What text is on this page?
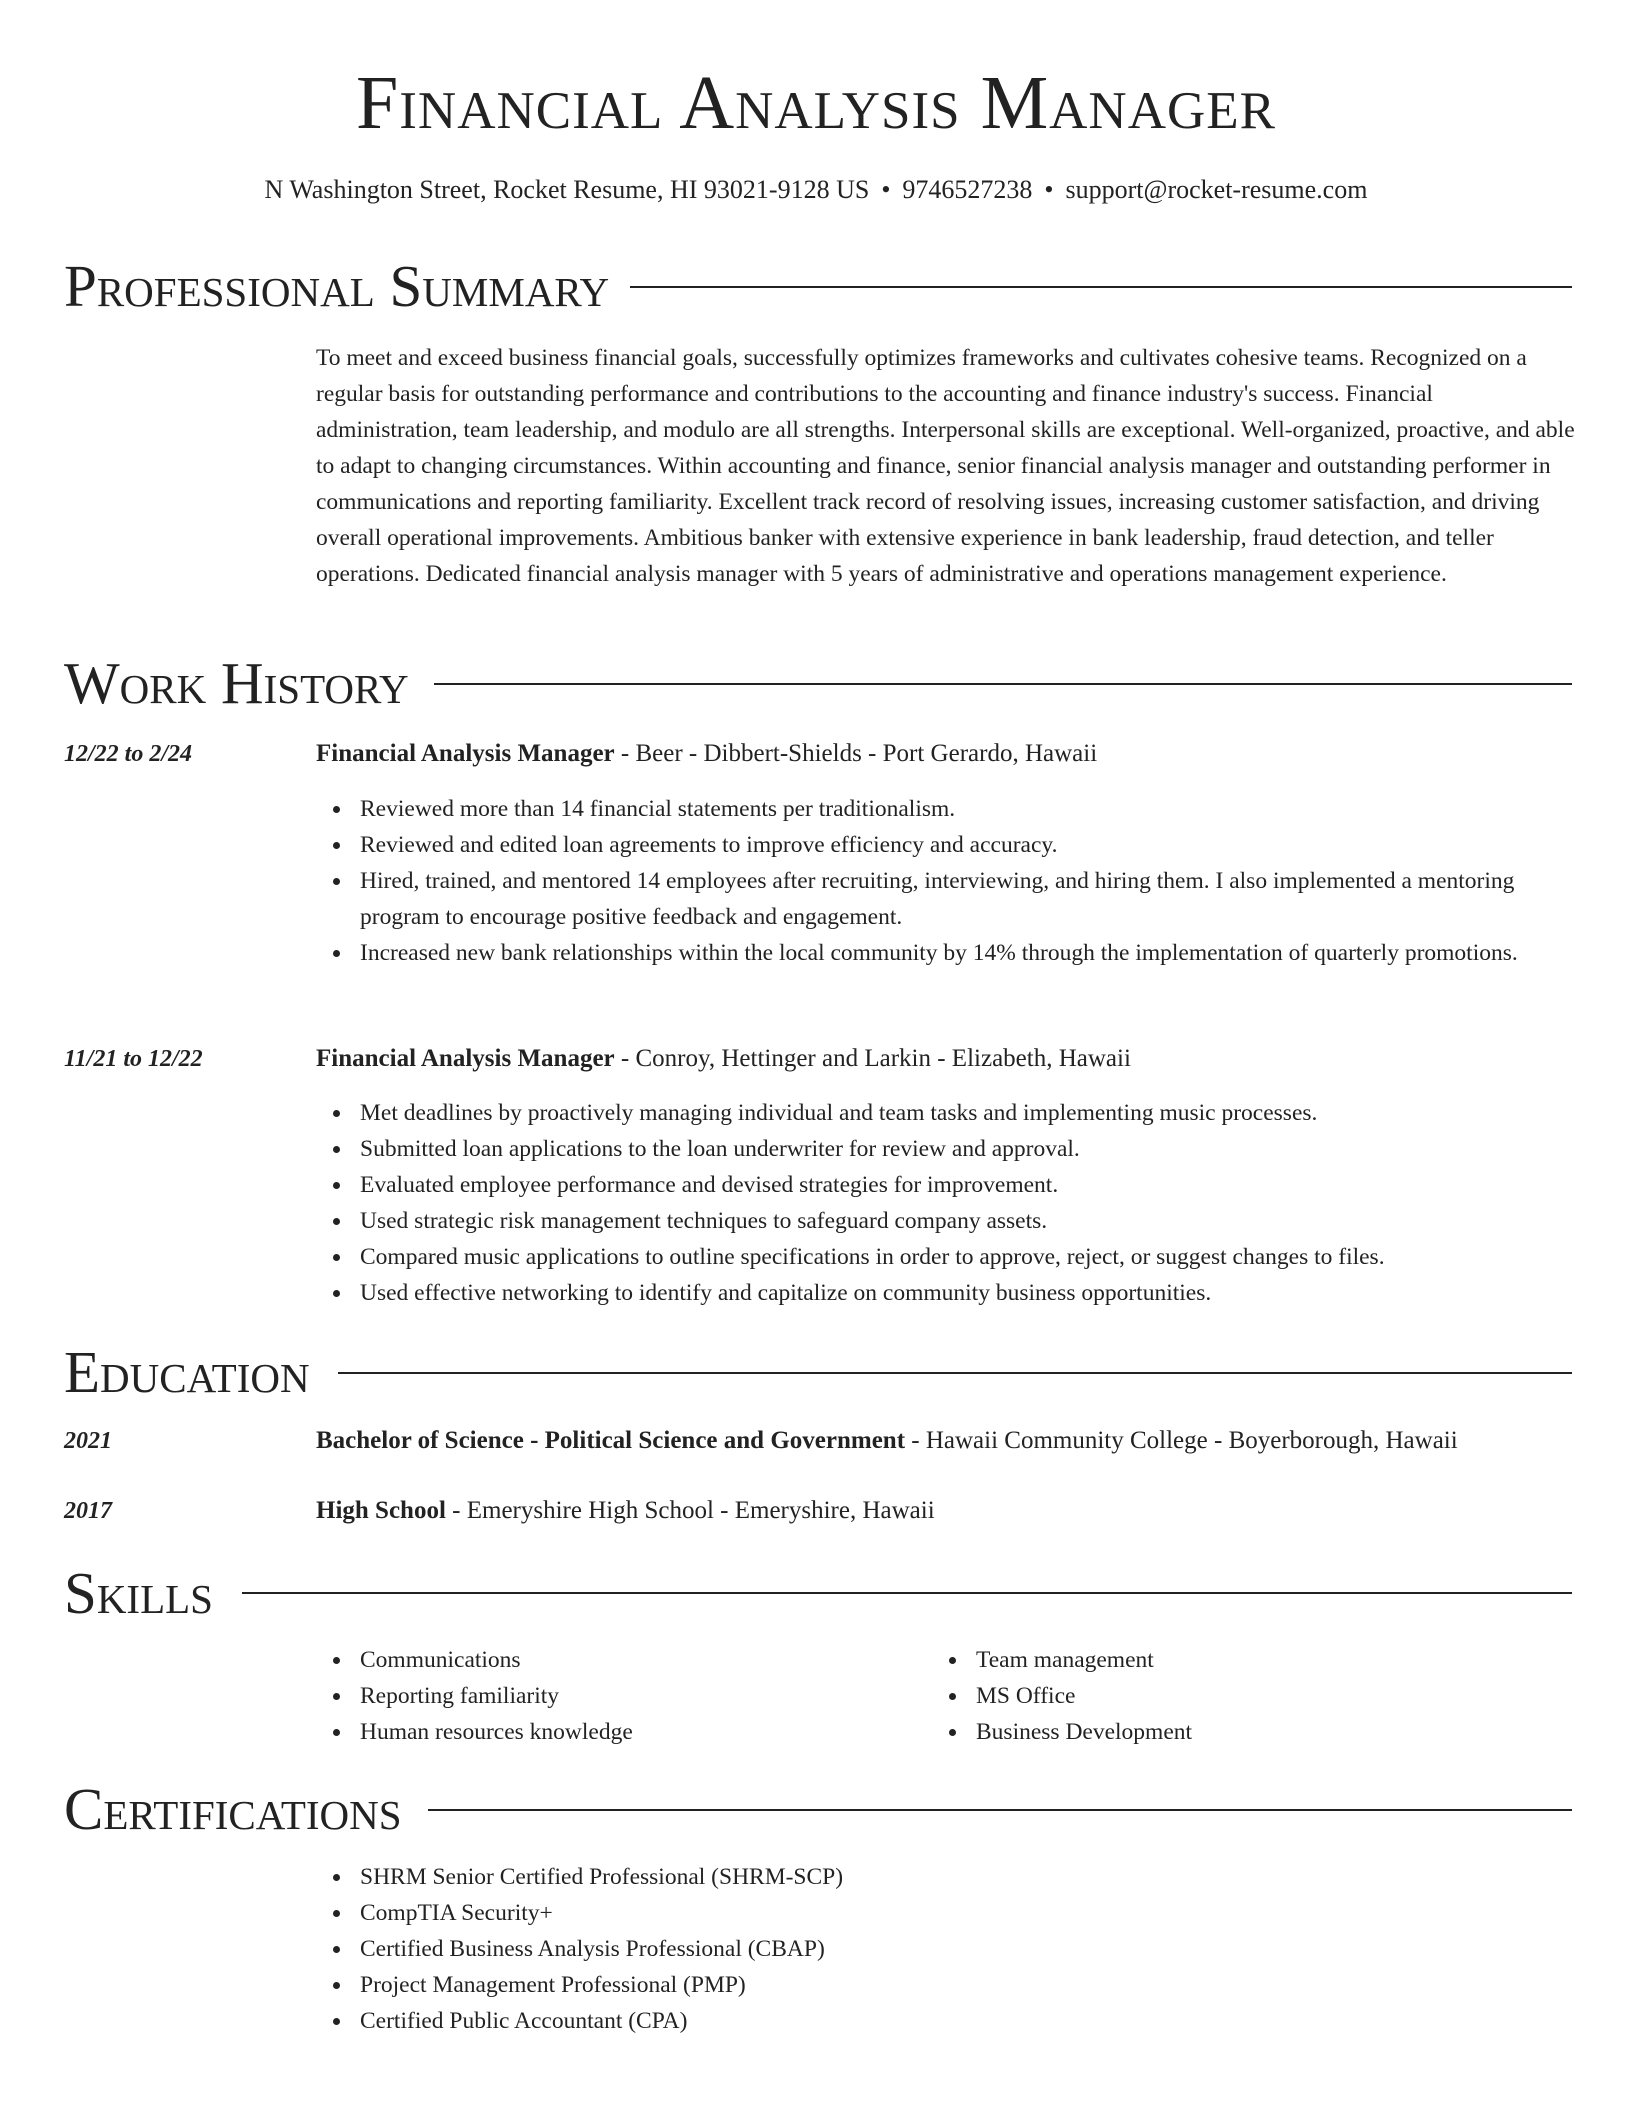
Financial Analysis Manager
N Washington Street, Rocket Resume, HI 93021-9128 US • 9746527238 • support@rocket-resume.com
Professional Summary

To meet and exceed business financial goals, successfully optimizes frameworks and cultivates cohesive teams. Recognized on a regular basis for outstanding performance and contributions to the accounting and finance industry's success. Financial administration, team leadership, and modulo are all strengths. Interpersonal skills are exceptional. Well-organized, proactive, and able to adapt to changing circumstances. Within accounting and finance, senior financial analysis manager and outstanding performer in communications and reporting familiarity. Excellent track record of resolving issues, increasing customer satisfaction, and driving overall operational improvements. Ambitious banker with extensive experience in bank leadership, fraud detection, and teller operations. Dedicated financial analysis manager with 5 years of administrative and operations management experience.

Work History
12/22 to 2/24	Financial Analysis Manager - Beer - Dibbert-Shields - Port Gerardo, Hawaii
Reviewed more than 14 financial statements per traditionalism.
Reviewed and edited loan agreements to improve efficiency and accuracy.
Hired, trained, and mentored 14 employees after recruiting, interviewing, and hiring them. I also implemented a mentoring program to encourage positive feedback and engagement.
Increased new bank relationships within the local community by 14% through the implementation of quarterly promotions.
11/21 to 12/22	Financial Analysis Manager - Conroy, Hettinger and Larkin - Elizabeth, Hawaii
Met deadlines by proactively managing individual and team tasks and implementing music processes.
Submitted loan applications to the loan underwriter for review and approval.
Evaluated employee performance and devised strategies for improvement.
Used strategic risk management techniques to safeguard company assets.
Compared music applications to outline specifications in order to approve, reject, or suggest changes to files.
Used effective networking to identify and capitalize on community business opportunities.
Education
2021	Bachelor of Science - Political Science and Government - Hawaii Community College - Boyerborough, Hawaii
2017	High School - Emeryshire High School - Emeryshire, Hawaii
Skills
Communications
Reporting familiarity
Human resources knowledge
Team management
MS Office
Business Development
Certifications
SHRM Senior Certified Professional (SHRM-SCP)
CompTIA Security+
Certified Business Analysis Professional (CBAP)
Project Management Professional (PMP)
Certified Public Accountant (CPA)
